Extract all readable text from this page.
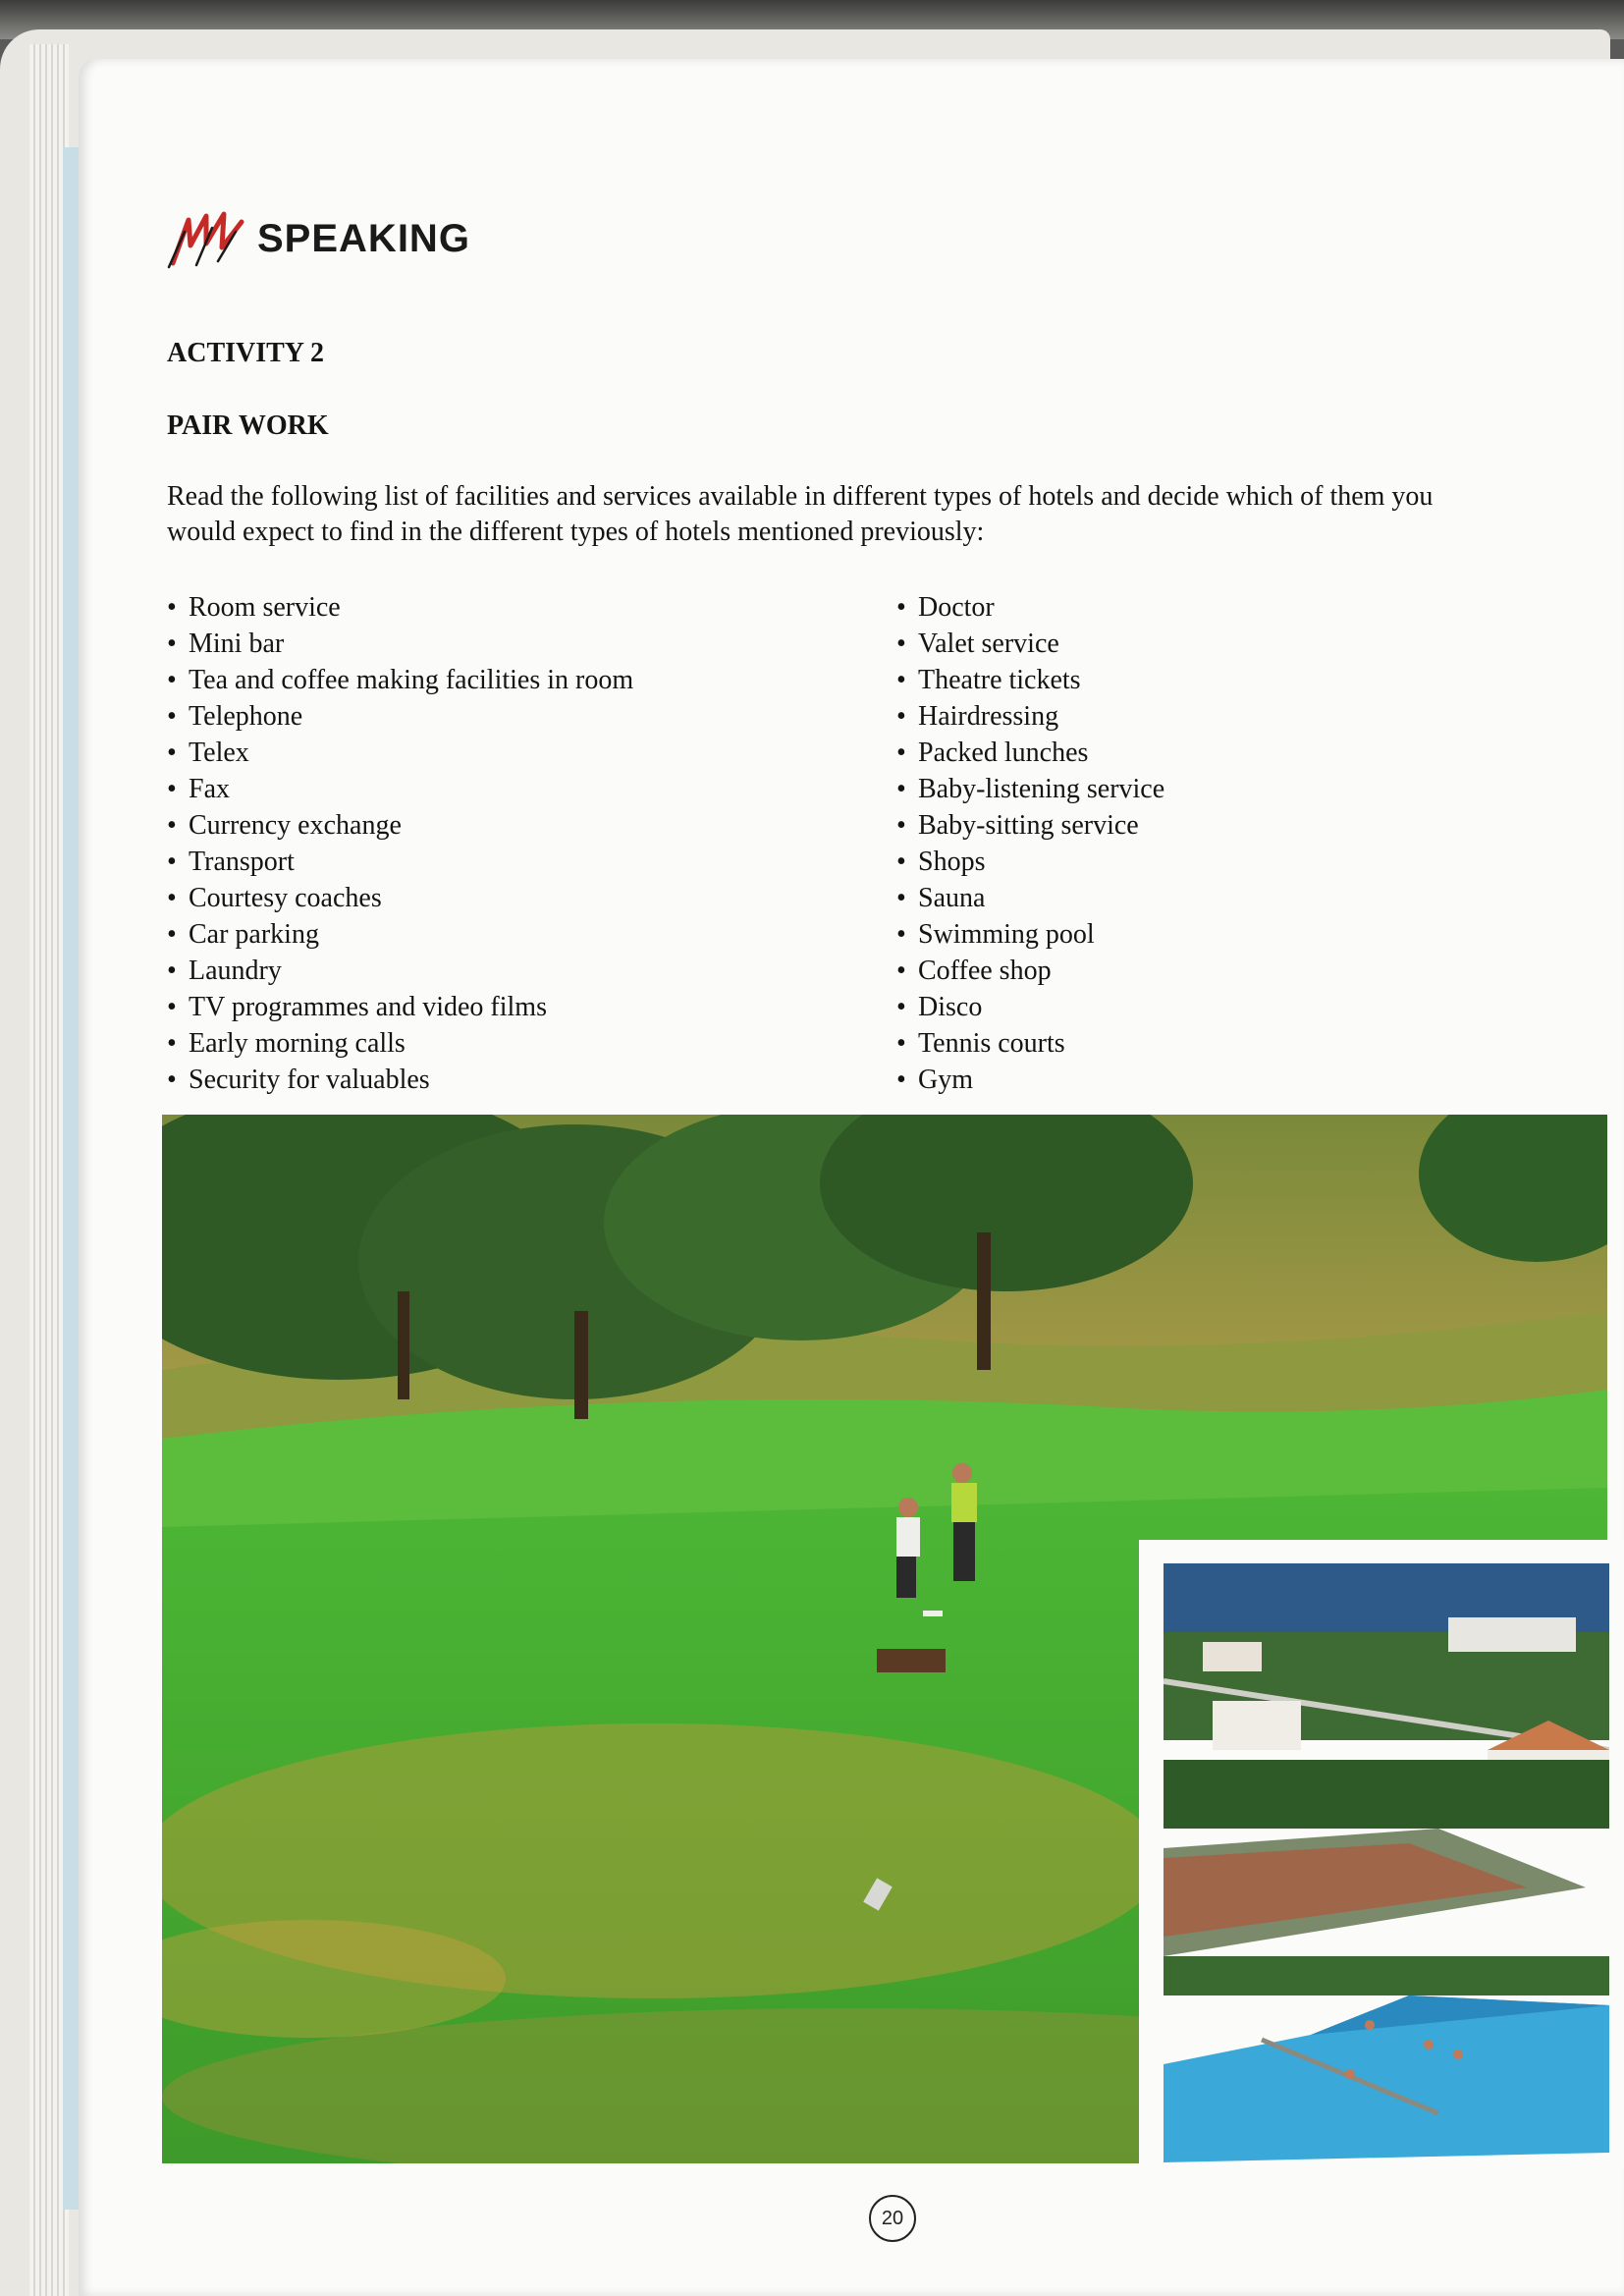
SPEAKING
ACTIVITY 2
PAIR WORK
Read the following list of facilities and services available in different types of hotels and decide which of them you
would expect to find in the different types of hotels mentioned previously:
• Room service
• Mini bar
• Tea and coffee making facilities in room
• Telephone
• Telex
• Fax
• Currency exchange
• Transport
• Courtesy coaches
• Car parking
• Laundry
• TV programmes and video films
• Early morning calls
• Security for valuables
• Doctor
• Valet service
• Theatre tickets
• Hairdressing
• Packed lunches
• Baby-listening service
• Baby-sitting service
• Shops
• Sauna
• Swimming pool
• Coffee shop
• Disco
• Tennis courts
• Gym
20
